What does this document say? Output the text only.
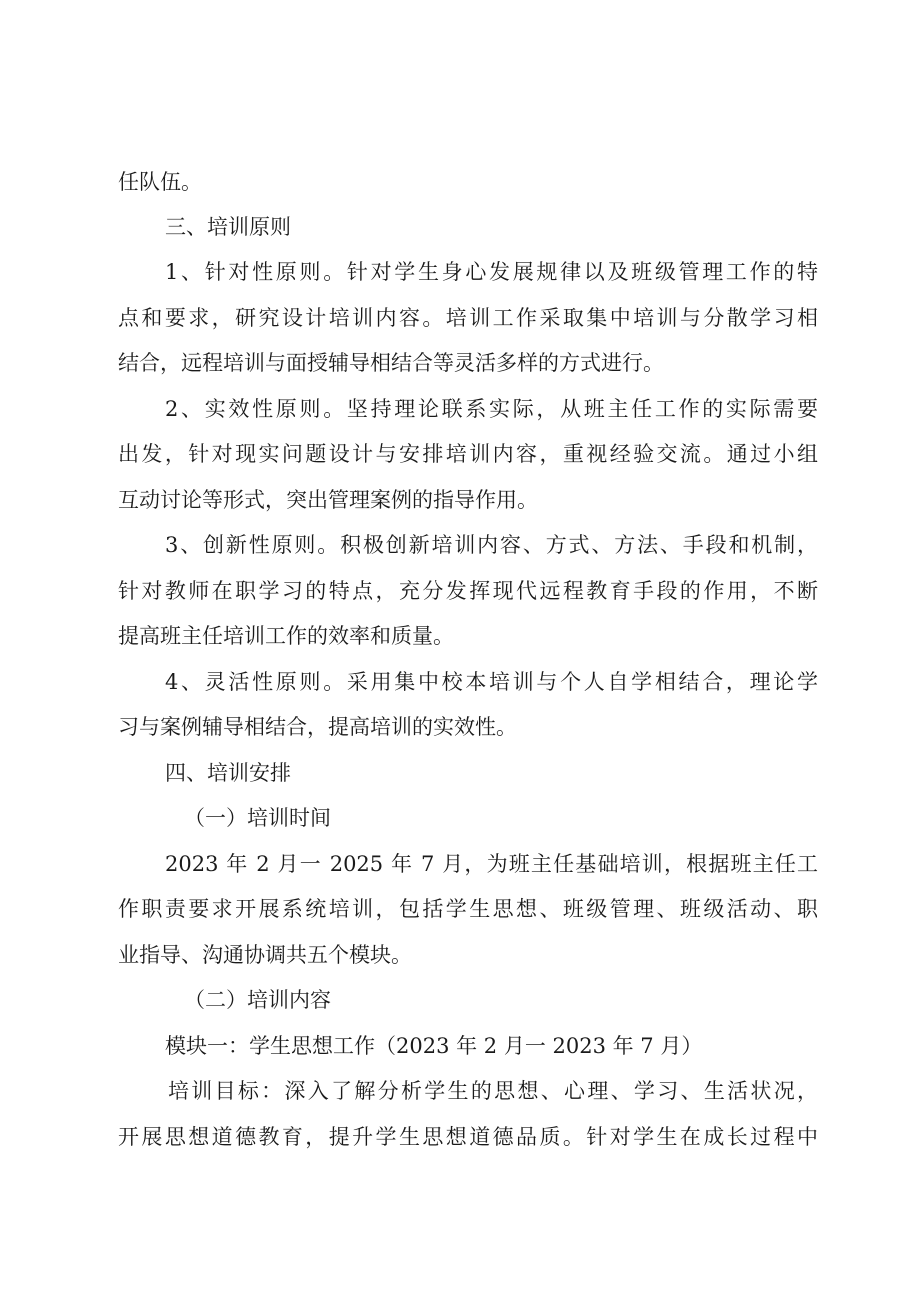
任队伍。
三、培训原则
1、针对性原则。针对学生身心发展规律以及班级管理工作的特
点和要求，研究设计培训内容。培训工作采取集中培训与分散学习相
结合，远程培训与面授辅导相结合等灵活多样的方式进行。
2、实效性原则。坚持理论联系实际，从班主任工作的实际需要
出发，针对现实问题设计与安排培训内容，重视经验交流。通过小组
互动讨论等形式，突出管理案例的指导作用。
3、创新性原则。积极创新培训内容、方式、方法、手段和机制，
针对教师在职学习的特点，充分发挥现代远程教育手段的作用，不断
提高班主任培训工作的效率和质量。
4、灵活性原则。采用集中校本培训与个人自学相结合，理论学
习与案例辅导相结合，提高培训的实效性。
四、培训安排
（一）培训时间
2023 年 2 月一 2025 年 7 月，为班主任基础培训，根据班主任工
作职责要求开展系统培训，包括学生思想、班级管理、班级活动、职
业指导、沟通协调共五个模块。
（二）培训内容
模块一：学生思想工作（2023 年 2 月一 2023 年 7 月）
培训目标：深入了解分析学生的思想、心理、学习、生活状况，
开展思想道德教育，提升学生思想道德品质。针对学生在成长过程中
